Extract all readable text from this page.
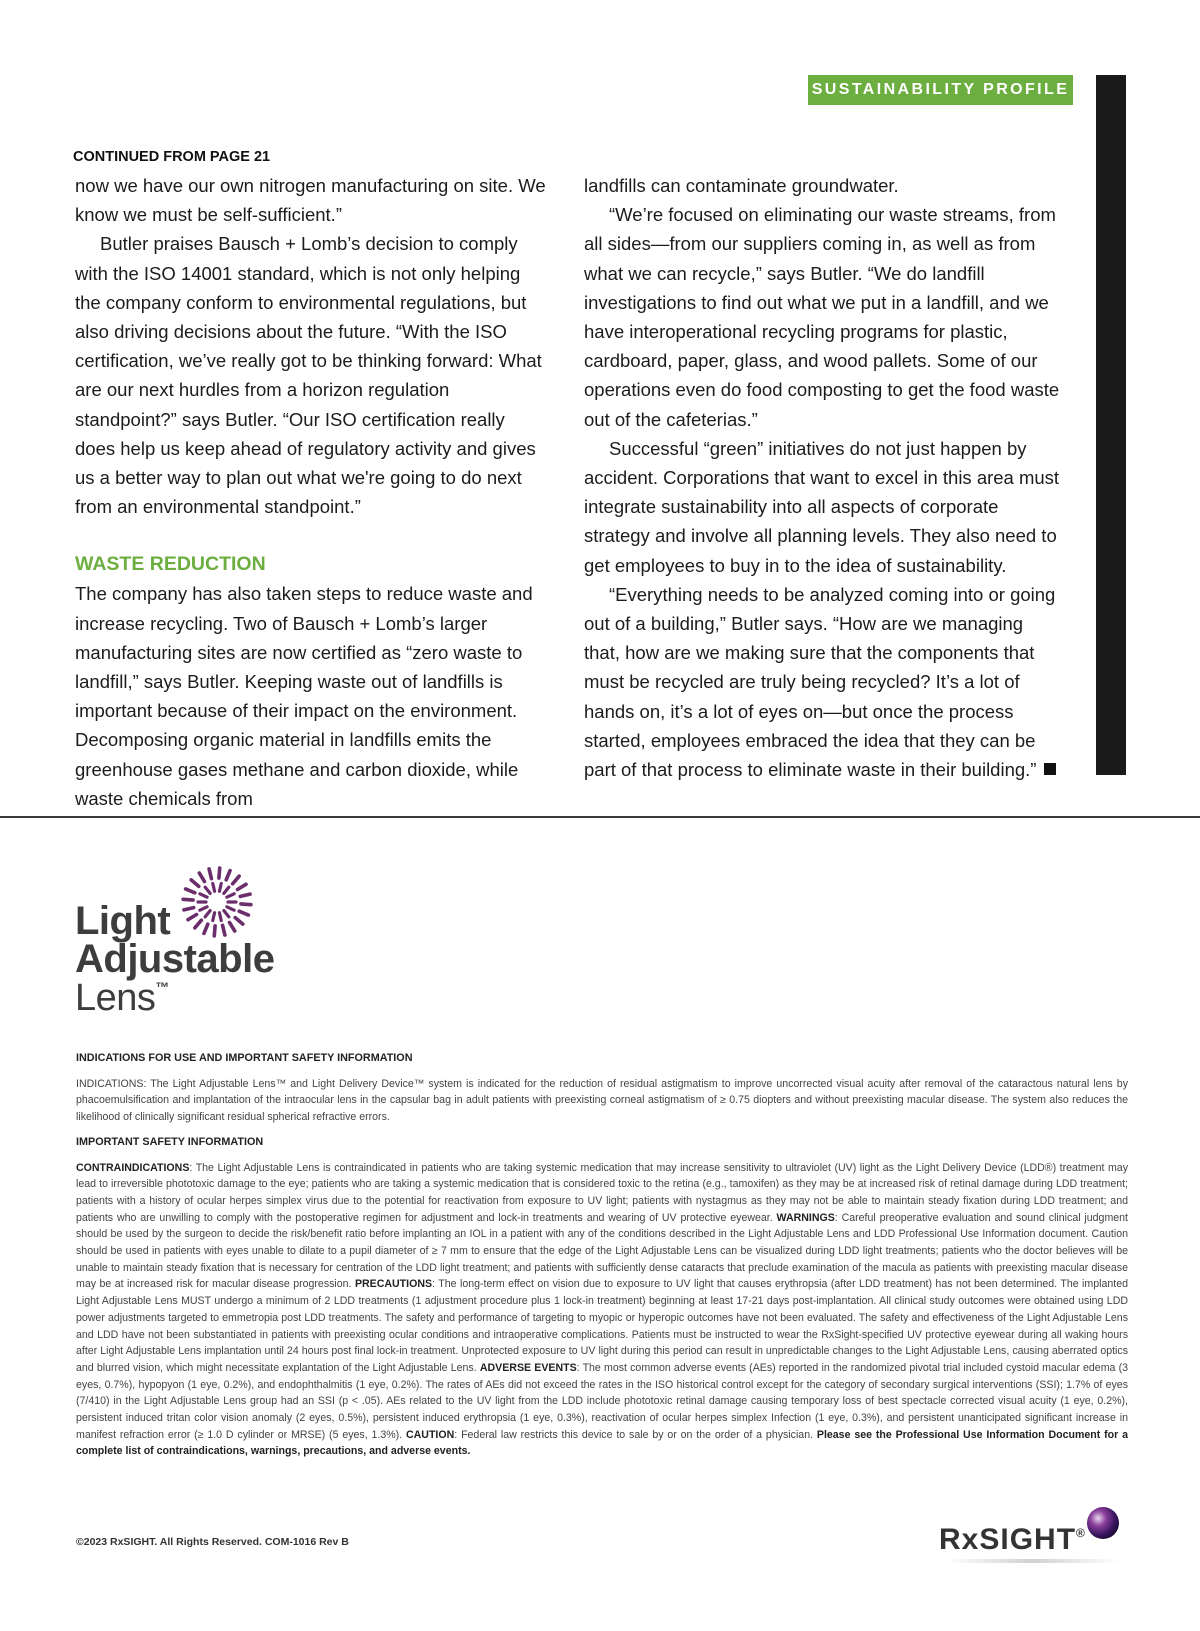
SUSTAINABILITY PROFILE
CONTINUED FROM PAGE 21

now we have our own nitrogen manufacturing on site. We know we must be self-sufficient.”

Butler praises Bausch + Lomb’s decision to comply with the ISO 14001 standard, which is not only helping the company conform to environmental regulations, but also driving decisions about the future. “With the ISO certification, we’ve really got to be thinking forward: What are our next hurdles from a horizon regulation standpoint?” says Butler. “Our ISO certification really does help us keep ahead of regulatory activity and gives us a better way to plan out what we're going to do next from an environmental standpoint.”

WASTE REDUCTION

The company has also taken steps to reduce waste and increase recycling. Two of Bausch + Lomb’s larger manufacturing sites are now certified as “zero waste to landfill,” says Butler. Keeping waste out of landfills is important because of their impact on the environment. Decomposing organic material in landfills emits the greenhouse gases methane and carbon dioxide, while waste chemicals from

landfills can contaminate groundwater.

“We’re focused on eliminating our waste streams, from all sides—from our suppliers coming in, as well as from what we can recycle,” says Butler. “We do landfill investigations to find out what we put in a landfill, and we have interoperational recycling programs for plastic, cardboard, paper, glass, and wood pallets. Some of our operations even do food composting to get the food waste out of the cafeterias.”

Successful “green” initiatives do not just happen by accident. Corporations that want to excel in this area must integrate sustainability into all aspects of corporate strategy and involve all planning levels. They also need to get employees to buy in to the idea of sustainability.

“Everything needs to be analyzed coming into or going out of a building,” Butler says. “How are we managing that, how are we making sure that the components that must be recycled are truly being recycled? It’s a lot of hands on, it’s a lot of eyes on—but once the process started, employees embraced the idea that they can be part of that process to eliminate waste in their building.”

Light
Adjustable
Lens™
INDICATIONS FOR USE AND IMPORTANT SAFETY INFORMATION

INDICATIONS: The Light Adjustable Lens™ and Light Delivery Device™ system is indicated for the reduction of residual astigmatism to improve uncorrected visual acuity after removal of the cataractous natural lens by phacoemulsification and implantation of the intraocular lens in the capsular bag in adult patients with preexisting corneal astigmatism of ≥ 0.75 diopters and without preexisting macular disease. The system also reduces the likelihood of clinically significant residual spherical refractive errors.

IMPORTANT SAFETY INFORMATION

CONTRAINDICATIONS: The Light Adjustable Lens is contraindicated in patients who are taking systemic medication that may increase sensitivity to ultraviolet (UV) light as the Light Delivery Device (LDD®) treatment may lead to irreversible phototoxic damage to the eye; patients who are taking a systemic medication that is considered toxic to the retina (e.g., tamoxifen) as they may be at increased risk of retinal damage during LDD treatment; patients with a history of ocular herpes simplex virus due to the potential for reactivation from exposure to UV light; patients with nystagmus as they may not be able to maintain steady fixation during LDD treatment; and patients who are unwilling to comply with the postoperative regimen for adjustment and lock-in treatments and wearing of UV protective eyewear. WARNINGS: Careful preoperative evaluation and sound clinical judgment should be used by the surgeon to decide the risk/benefit ratio before implanting an IOL in a patient with any of the conditions described in the Light Adjustable Lens and LDD Professional Use Information document. Caution should be used in patients with eyes unable to dilate to a pupil diameter of ≥ 7 mm to ensure that the edge of the Light Adjustable Lens can be visualized during LDD light treatments; patients who the doctor believes will be unable to maintain steady fixation that is necessary for centration of the LDD light treatment; and patients with sufficiently dense cataracts that preclude examination of the macula as patients with preexisting macular disease may be at increased risk for macular disease progression. PRECAUTIONS: The long-term effect on vision due to exposure to UV light that causes erythropsia (after LDD treatment) has not been determined. The implanted Light Adjustable Lens MUST undergo a minimum of 2 LDD treatments (1 adjustment procedure plus 1 lock-in treatment) beginning at least 17-21 days post-implantation. All clinical study outcomes were obtained using LDD power adjustments targeted to emmetropia post LDD treatments. The safety and performance of targeting to myopic or hyperopic outcomes have not been evaluated. The safety and effectiveness of the Light Adjustable Lens and LDD have not been substantiated in patients with preexisting ocular conditions and intraoperative complications. Patients must be instructed to wear the RxSight-specified UV protective eyewear during all waking hours after Light Adjustable Lens implantation until 24 hours post final lock-in treatment. Unprotected exposure to UV light during this period can result in unpredictable changes to the Light Adjustable Lens, causing aberrated optics and blurred vision, which might necessitate explantation of the Light Adjustable Lens. ADVERSE EVENTS: The most common adverse events (AEs) reported in the randomized pivotal trial included cystoid macular edema (3 eyes, 0.7%), hypopyon (1 eye, 0.2%), and endophthalmitis (1 eye, 0.2%). The rates of AEs did not exceed the rates in the ISO historical control except for the category of secondary surgical interventions (SSI); 1.7% of eyes (7/410) in the Light Adjustable Lens group had an SSI (p < .05). AEs related to the UV light from the LDD include phototoxic retinal damage causing temporary loss of best spectacle corrected visual acuity (1 eye, 0.2%), persistent induced tritan color vision anomaly (2 eyes, 0.5%), persistent induced erythropsia (1 eye, 0.3%), reactivation of ocular herpes simplex Infection (1 eye, 0.3%), and persistent unanticipated significant increase in manifest refraction error (≥ 1.0 D cylinder or MRSE) (5 eyes, 1.3%). CAUTION: Federal law restricts this device to sale by or on the order of a physician. Please see the Professional Use Information Document for a complete list of contraindications, warnings, precautions, and adverse events.

©2023 RxSIGHT. All Rights Reserved. COM-1016 Rev B	RxSIGHT®
